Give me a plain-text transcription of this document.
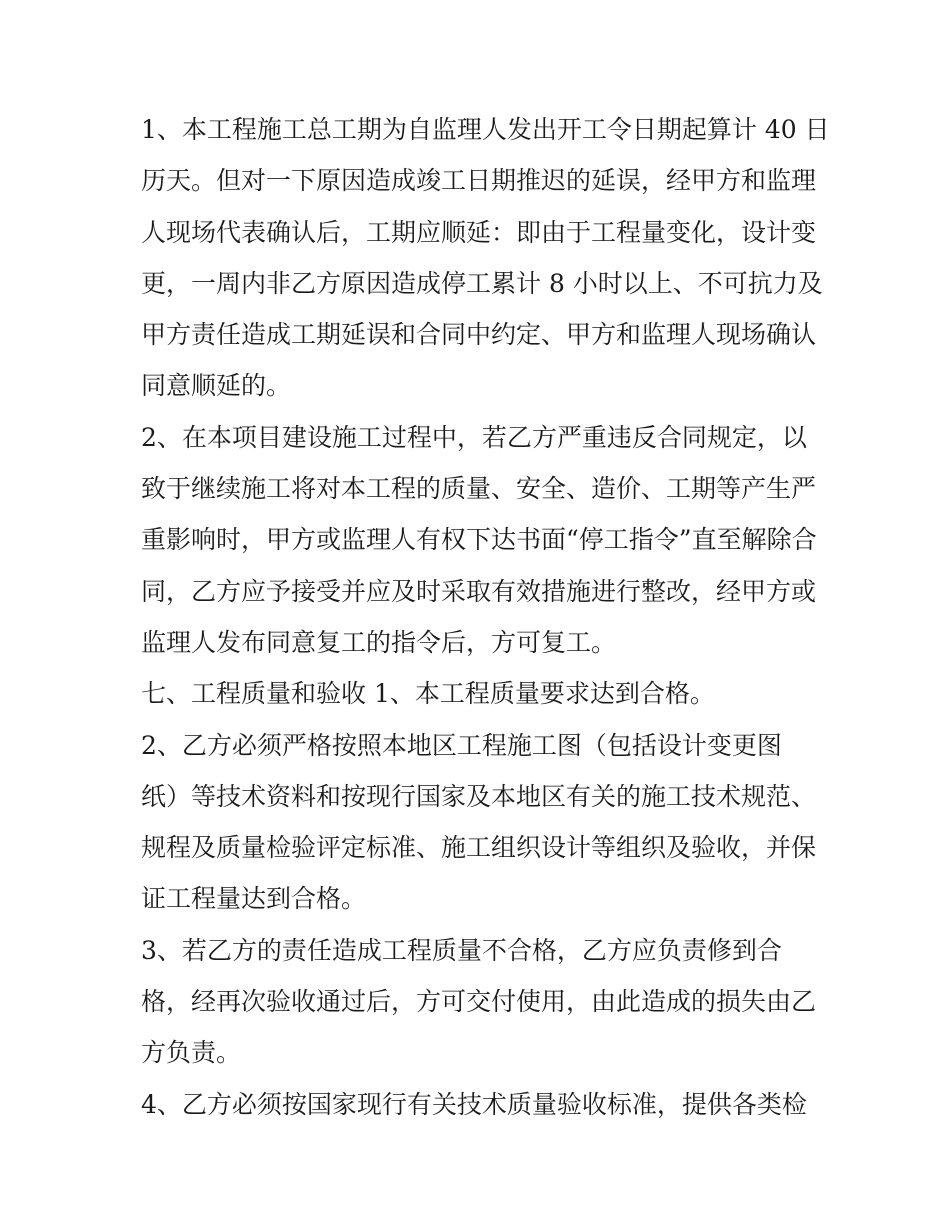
1、本工程施工总工期为自监理人发出开工令日期起算计 40 日
历天。但对一下原因造成竣工日期推迟的延误，经甲方和监理
人现场代表确认后，工期应顺延：即由于工程量变化，设计变
更，一周内非乙方原因造成停工累计 8 小时以上、不可抗力及
甲方责任造成工期延误和合同中约定、甲方和监理人现场确认
同意顺延的。
2、在本项目建设施工过程中，若乙方严重违反合同规定，以
致于继续施工将对本工程的质量、安全、造价、工期等产生严
重影响时，甲方或监理人有权下达书面“停工指令”直至解除合
同，乙方应予接受并应及时采取有效措施进行整改，经甲方或
监理人发布同意复工的指令后，方可复工。
七、工程质量和验收 1、本工程质量要求达到合格。
2、乙方必须严格按照本地区工程施工图（包括设计变更图
纸）等技术资料和按现行国家及本地区有关的施工技术规范、
规程及质量检验评定标准、施工组织设计等组织及验收，并保
证工程量达到合格。
3、若乙方的责任造成工程质量不合格，乙方应负责修到合
格，经再次验收通过后，方可交付使用，由此造成的损失由乙
方负责。
4、乙方必须按国家现行有关技术质量验收标准，提供各类检
